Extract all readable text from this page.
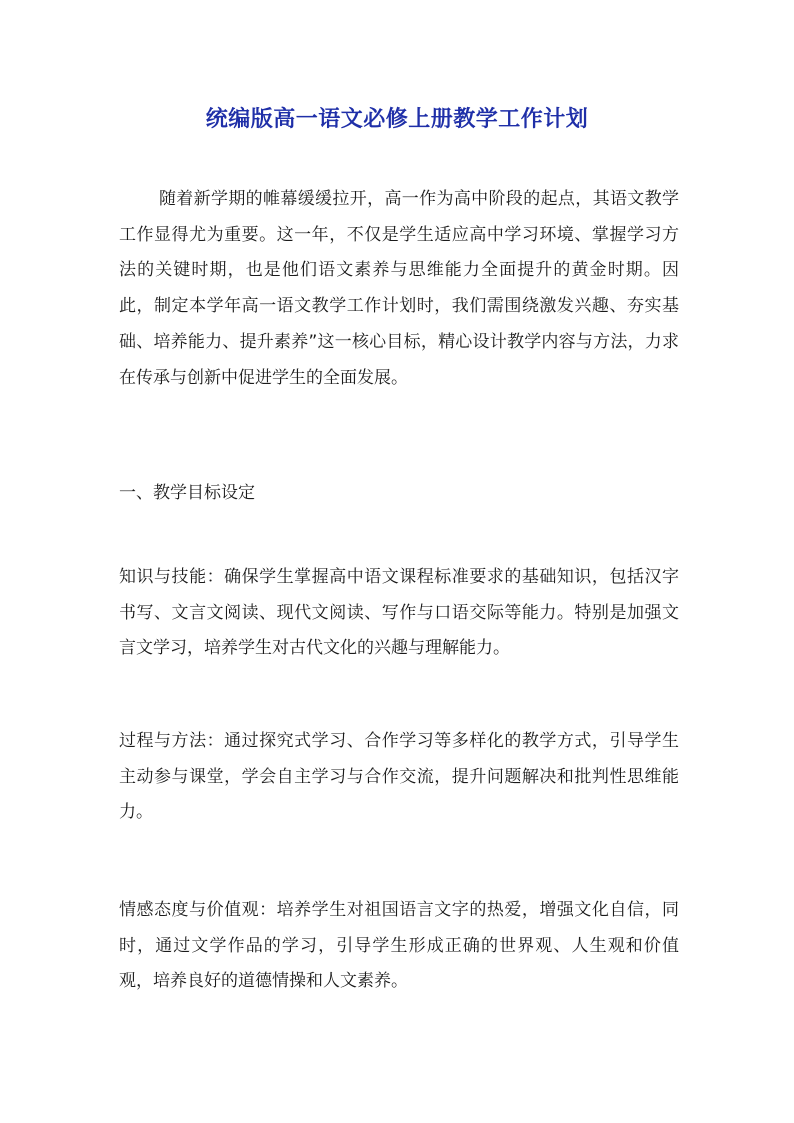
统编版高一语文必修上册教学工作计划

随着新学期的帷幕缓缓拉开，高一作为高中阶段的起点，其语文教学工作显得尤为重要。这一年，不仅是学生适应高中学习环境、掌握学习方法的关键时期，也是他们语文素养与思维能力全面提升的黄金时期。因此，制定本学年高一语文教学工作计划时，我们需围绕激发兴趣、夯实基础、培养能力、提升素养”这一核心目标，精心设计教学内容与方法，力求在传承与创新中促进学生的全面发展。

一、教学目标设定

知识与技能：确保学生掌握高中语文课程标准要求的基础知识，包括汉字书写、文言文阅读、现代文阅读、写作与口语交际等能力。特别是加强文言文学习，培养学生对古代文化的兴趣与理解能力。

过程与方法：通过探究式学习、合作学习等多样化的教学方式，引导学生主动参与课堂，学会自主学习与合作交流，提升问题解决和批判性思维能力。

情感态度与价值观：培养学生对祖国语言文字的热爱，增强文化自信，同时，通过文学作品的学习，引导学生形成正确的世界观、人生观和价值观，培养良好的道德情操和人文素养。
